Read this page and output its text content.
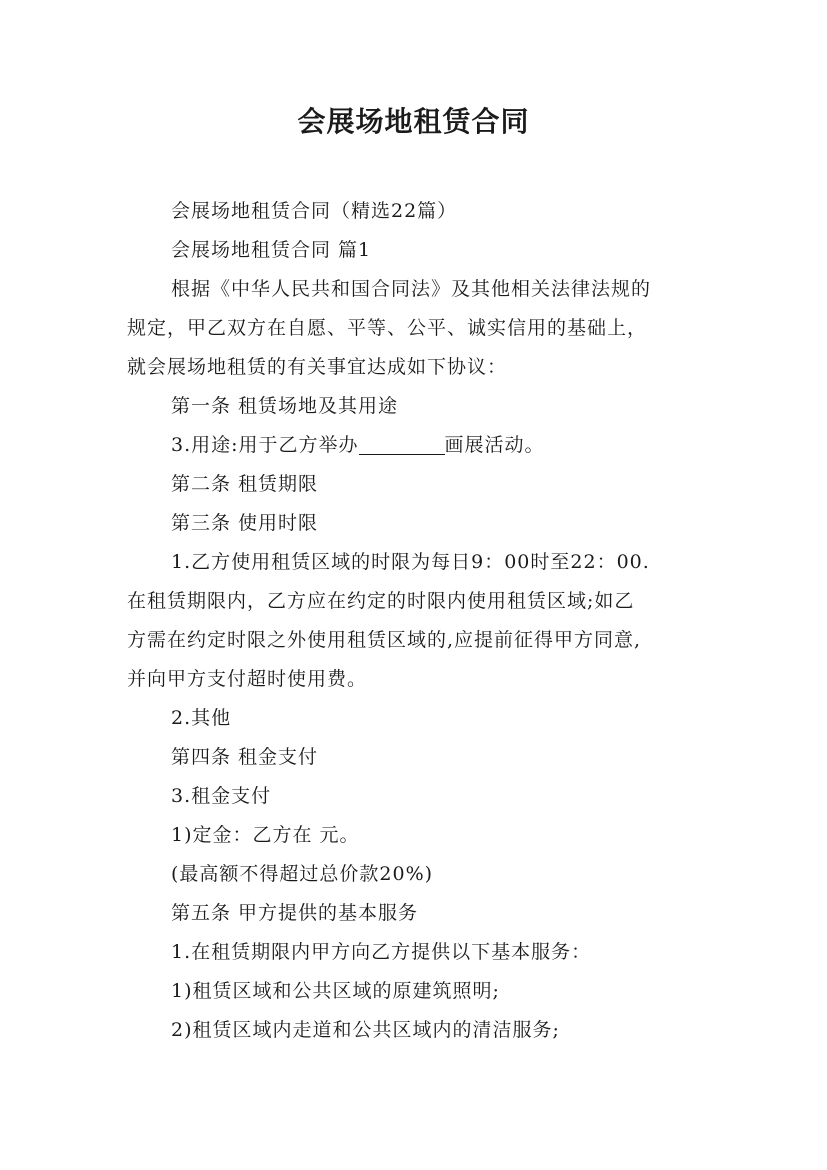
会展场地租赁合同

会展场地租赁合同（精选22篇）

会展场地租赁合同 篇1

根据《中华人民共和国合同法》及其他相关法律法规的

规定，甲乙双方在自愿、平等、公平、诚实信用的基础上，

就会展场地租赁的有关事宜达成如下协议：

第一条 租赁场地及其用途

3.用途:用于乙方举办	画展活动。

第二条 租赁期限

第三条 使用时限

1.乙方使用租赁区域的时限为每日9：00时至22：00.

在租赁期限内，乙方应在约定的时限内使用租赁区域;如乙

方需在约定时限之外使用租赁区域的,应提前征得甲方同意,

并向甲方支付超时使用费。

2.其他

第四条 租金支付

3.租金支付

1)定金：乙方在 元。

(最高额不得超过总价款20%)

第五条 甲方提供的基本服务

1.在租赁期限内甲方向乙方提供以下基本服务：

1)租赁区域和公共区域的原建筑照明;

2)租赁区域内走道和公共区域内的清洁服务;
